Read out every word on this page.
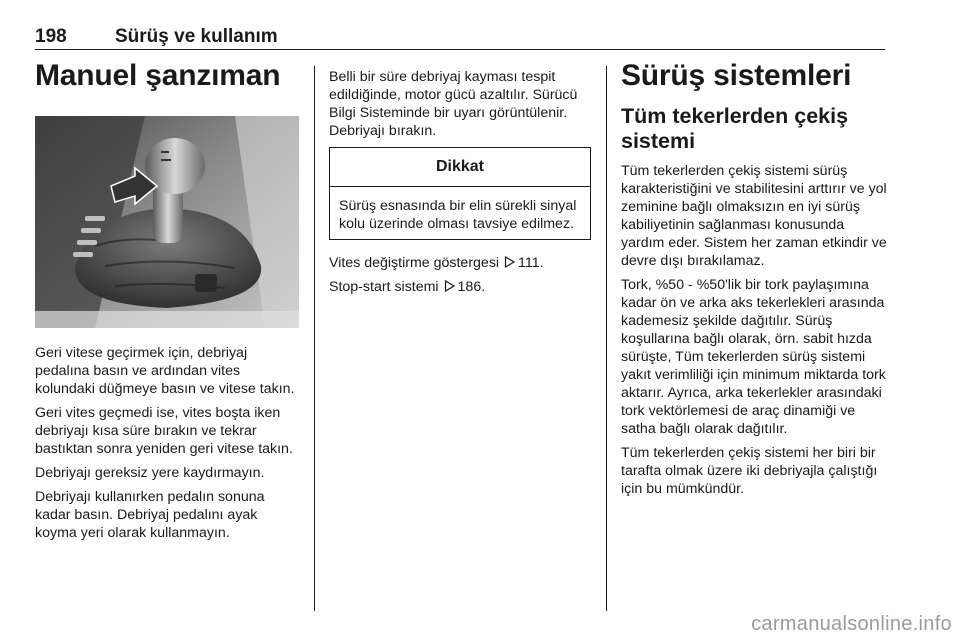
198	Sürüş ve kullanım
Manuel şanzıman

Geri vitese geçirmek için, debriyaj pedalına basın ve ardından vites kolundaki düğmeye basın ve vitese takın.

Geri vites geçmedi ise, vites boşta iken debriyajı kısa süre bırakın ve tekrar bastıktan sonra yeniden geri vitese takın.

Debriyajı gereksiz yere kaydırmayın.

Debriyajı kullanırken pedalın sonuna kadar basın. Debriyaj pedalını ayak koyma yeri olarak kullanmayın.

Belli bir süre debriyaj kayması tespit edildiğinde, motor gücü azaltılır. Sürücü Bilgi Sisteminde bir uyarı görüntülenir. Debriyajı bırakın.

Dikkat

Sürüş esnasında bir elin sürekli sinyal kolu üzerinde olması tavsiye edilmez.

Vites değiştirme göstergesi 111.

Stop-start sistemi 186.

Sürüş sistemleri
Tüm tekerlerden çekiş sistemi

Tüm tekerlerden çekiş sistemi sürüş karakteristiğini ve stabilitesini arttırır ve yol zeminine bağlı olmaksızın en iyi sürüş kabiliyetinin sağlanması konusunda yardım eder. Sistem her zaman etkindir ve devre dışı bırakılamaz.

Tork, %50 - %50'lik bir tork paylaşımına kadar ön ve arka aks tekerlekleri arasında kademesiz şekilde dağıtılır. Sürüş koşullarına bağlı olarak, örn. sabit hızda sürüşte, Tüm tekerlerden sürüş sistemi yakıt verimliliği için minimum miktarda tork aktarır. Ayrıca, arka tekerlekler arasındaki tork vektörlemesi de araç dinamiği ve satha bağlı olarak dağıtılır.

Tüm tekerlerden çekiş sistemi her biri bir tarafta olmak üzere iki debriyajla çalıştığı için bu mümkündür.

carmanualsonline.info
